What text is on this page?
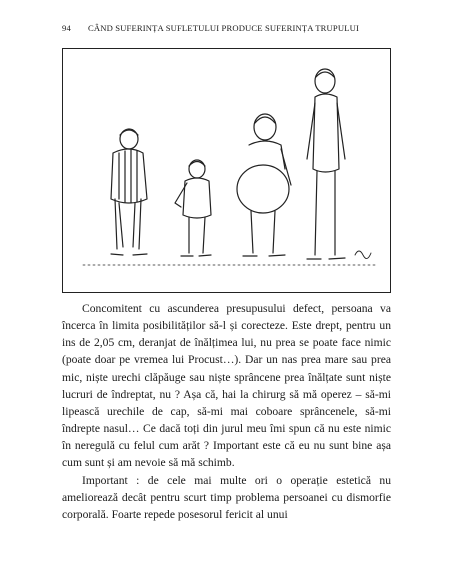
94 CÂND SUFERINȚA SUFLETULUI PRODUCE SUFERINȚA TRUPULUI

Concomitent cu ascunderea presupusului defect, persoana va încerca în limita posibilităților să-l și corecteze. Este drept, pentru un ins de 2,05 cm, deranjat de înălțimea lui, nu prea se poate face nimic (poate doar pe vremea lui Procust…). Dar un nas prea mare sau prea mic, niște urechi clăpăuge sau niște sprâncene prea înălțate sunt niște lucruri de îndreptat, nu ? Așa că, hai la chirurg să mă operez – să-mi lipească urechile de cap, să-mi mai coboare sprâncenele, să-mi îndrepte nasul… Ce dacă toți din jurul meu îmi spun că nu este nimic în neregulă cu felul cum arăt ? Important este că eu nu sunt bine așa cum sunt și am nevoie să mă schimb.

Important : de cele mai multe ori o operație estetică nu ameliorează decât pentru scurt timp problema persoanei cu dismorfie corporală. Foarte repede posesorul fericit al unui
